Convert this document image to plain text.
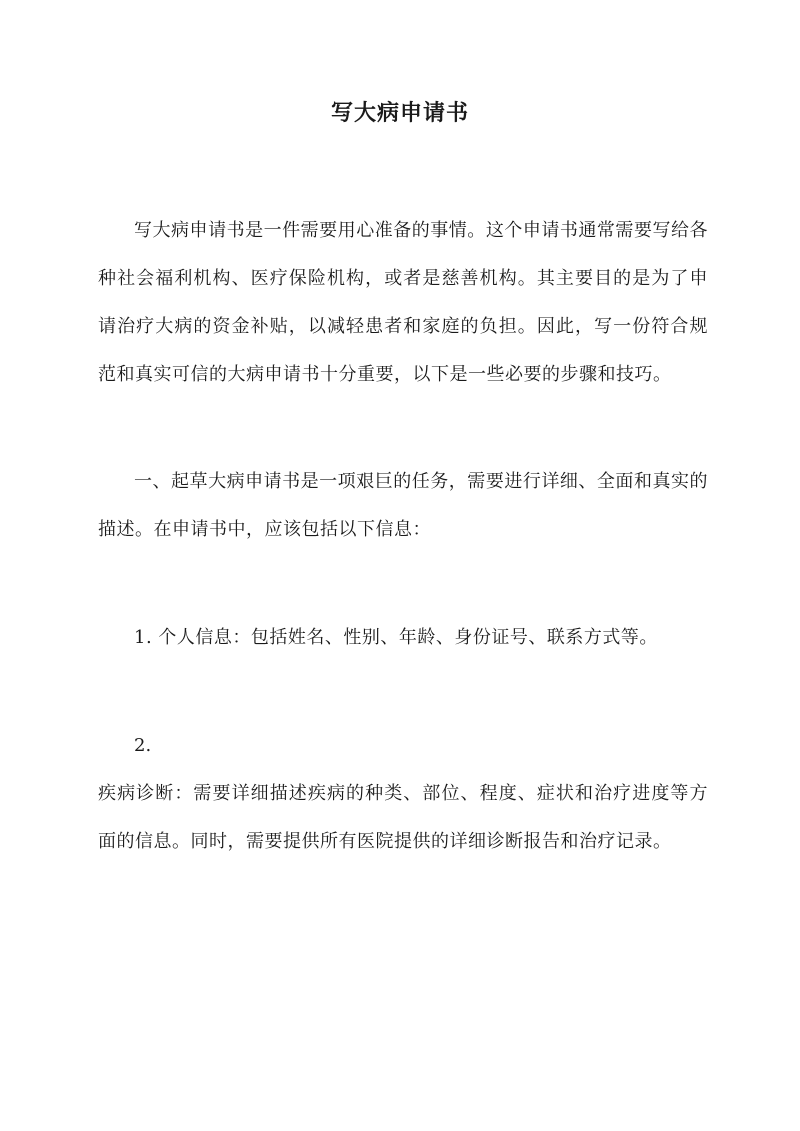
写大病申请书

写大病申请书是一件需要用心准备的事情。这个申请书通常需要写给各种社会福利机构、医疗保险机构，或者是慈善机构。其主要目的是为了申请治疗大病的资金补贴，以减轻患者和家庭的负担。因此，写一份符合规范和真实可信的大病申请书十分重要，以下是一些必要的步骤和技巧。

一、起草大病申请书是一项艰巨的任务，需要进行详细、全面和真实的描述。在申请书中，应该包括以下信息：

1. 个人信息：包括姓名、性别、年龄、身份证号、联系方式等。

2.

疾病诊断：需要详细描述疾病的种类、部位、程度、症状和治疗进度等方面的信息。同时，需要提供所有医院提供的详细诊断报告和治疗记录。
